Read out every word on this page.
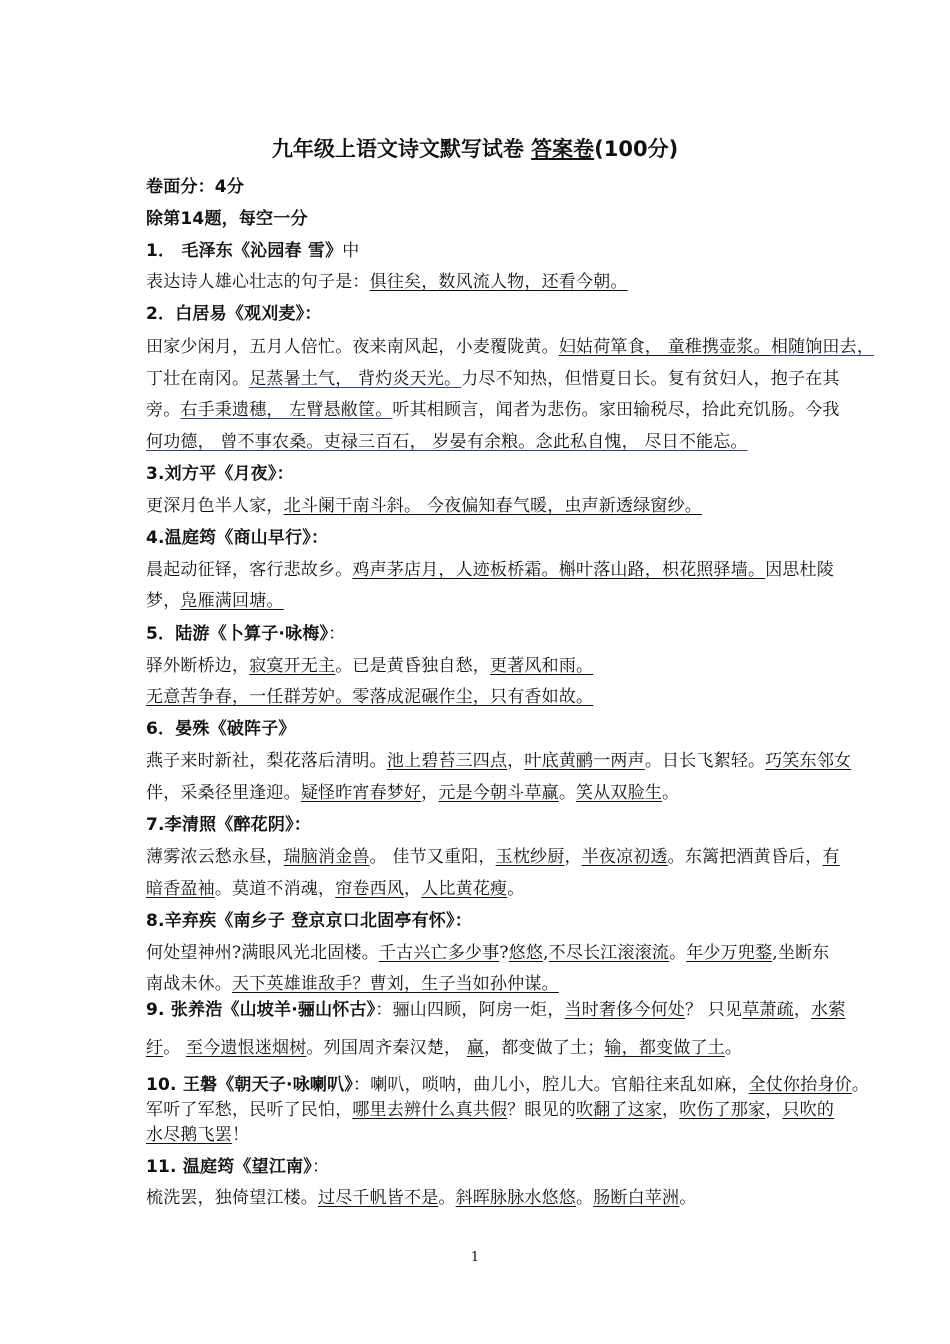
九年级上语文诗文默写试卷 答案卷(100分)
卷面分：4分
除第14题，每空一分
1． 毛泽东《沁园春 雪》中
表达诗人雄心壮志的句子是：俱往矣，数风流人物，还看今朝。
2．白居易《观刈麦》：
田家少闲月，五月人倍忙。夜来南风起，小麦覆陇黄。妇姑荷箪食， 童稚携壶浆。相随饷田去，
丁壮在南冈。足蒸暑土气， 背灼炎天光。力尽不知热，但惜夏日长。复有贫妇人，抱子在其
旁。右手秉遗穗， 左臂悬敝筐。听其相顾言，闻者为悲伤。家田输税尽，拾此充饥肠。今我
何功德， 曾不事农桑。吏禄三百石， 岁晏有余粮。念此私自愧， 尽日不能忘。
3.刘方平《月夜》：
更深月色半人家，北斗阑干南斗斜。 今夜偏知春气暖，虫声新透绿窗纱。
4.温庭筠《商山早行》：
晨起动征铎，客行悲故乡。鸡声茅店月，人迹板桥霜。槲叶落山路，枳花照驿墙。因思杜陵
梦，凫雁满回塘。
5．陆游《卜算子·咏梅》：
驿外断桥边，寂寞开无主。已是黄昏独自愁，更著风和雨。
无意苦争春，一任群芳妒。零落成泥碾作尘，只有香如故。
6．晏殊《破阵子》
燕子来时新社，梨花落后清明。池上碧苔三四点，叶底黄鹂一两声。日长飞絮轻。巧笑东邻女
伴，采桑径里逢迎。疑怪昨宵春梦好，元是今朝斗草赢。笑从双脸生。
7.李清照《醉花阴》：
薄雾浓云愁永昼，瑞脑消金兽。 佳节又重阳，玉枕纱厨，半夜凉初透。东篱把酒黄昏后，有
暗香盈袖。莫道不消魂，帘卷西风，人比黄花瘦。
8.辛弃疾《南乡子 登京京口北固亭有怀》：
何处望神州?满眼风光北固楼。千古兴亡多少事?悠悠,不尽长江滚滚流。年少万兜鍪,坐断东
南战未休。天下英雄谁敌手？曹刘，生子当如孙仲谋。
9. 张养浩《山坡羊·骊山怀古》：骊山四顾，阿房一炬，当时奢侈今何处？ 只见草萧疏，水萦
纡。 至今遗恨迷烟树。列国周齐秦汉楚， 赢，都变做了土；输，都变做了土。
10. 王磐《朝天子·咏喇叭》：喇叭，唢呐，曲儿小，腔儿大。官船往来乱如麻，全仗你抬身价。
军听了军愁，民听了民怕，哪里去辨什么真共假？眼见的吹翻了这家，吹伤了那家，只吹的
水尽鹅飞罢！
11. 温庭筠《望江南》：
梳洗罢，独倚望江楼。过尽千帆皆不是。斜晖脉脉水悠悠。肠断白苹洲。
1
